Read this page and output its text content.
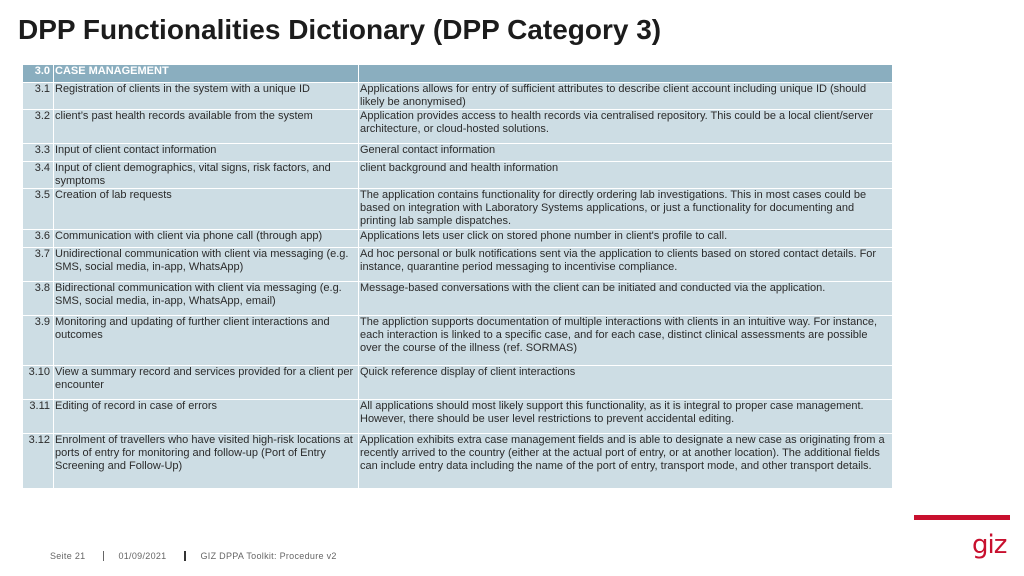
DPP Functionalities Dictionary (DPP Category 3)
3.0	CASE MANAGEMENT	
3.1	Registration of clients in the system with a unique ID	Applications allows for entry of sufficient attributes to describe client account including unique ID (should likely be anonymised)
3.2	client’s past health records available from the system	Application provides access to health records via centralised repository. This could be a local client/server architecture, or cloud-hosted solutions.
3.3	Input of client contact information	General contact information
3.4	Input of client demographics, vital signs, risk factors, and symptoms	client background and health information
3.5	Creation of lab requests	The application contains functionality for directly ordering lab investigations. This in most cases could be based on integration with Laboratory Systems applications, or just a functionality for documenting and printing lab sample dispatches.
3.6	Communication with client via phone call (through app)	Applications lets user click on stored phone number in client's profile to call.
3.7	Unidirectional communication with client via messaging (e.g. SMS, social media, in-app, WhatsApp)	Ad hoc personal or bulk notifications sent via the application to clients based on stored contact details. For instance, quarantine period messaging to incentivise compliance.
3.8	Bidirectional communication with client via messaging (e.g. SMS, social media, in-app, WhatsApp, email)	Message-based conversations with the client can be initiated and conducted via the application.
3.9	Monitoring and updating of further client interactions and outcomes	The appliction supports documentation of multiple interactions with clients in an intuitive way. For instance, each interaction is linked to a specific case, and for each case, distinct clinical assessments are possible over the course of the illness (ref. SORMAS)
3.10	View a summary record and services provided for a client per encounter	Quick reference display of client interactions
3.11	Editing of record in case of errors	All applications should most likely support this functionality, as it is integral to proper case management. However, there should be user level restrictions to prevent accidental editing.
3.12	Enrolment of travellers who have visited high-risk locations at ports of entry for monitoring and follow-up (Port of Entry Screening and Follow-Up)	Application exhibits extra case management fields and is able to designate a new case as originating from a recently arrived to the country (either at the actual port of entry, or at another location). The additional fields can include entry data including the name of the port of entry, transport mode, and other transport details.
Seite 21	01/09/2021	GIZ DPPA Toolkit: Procedure v2	giz
